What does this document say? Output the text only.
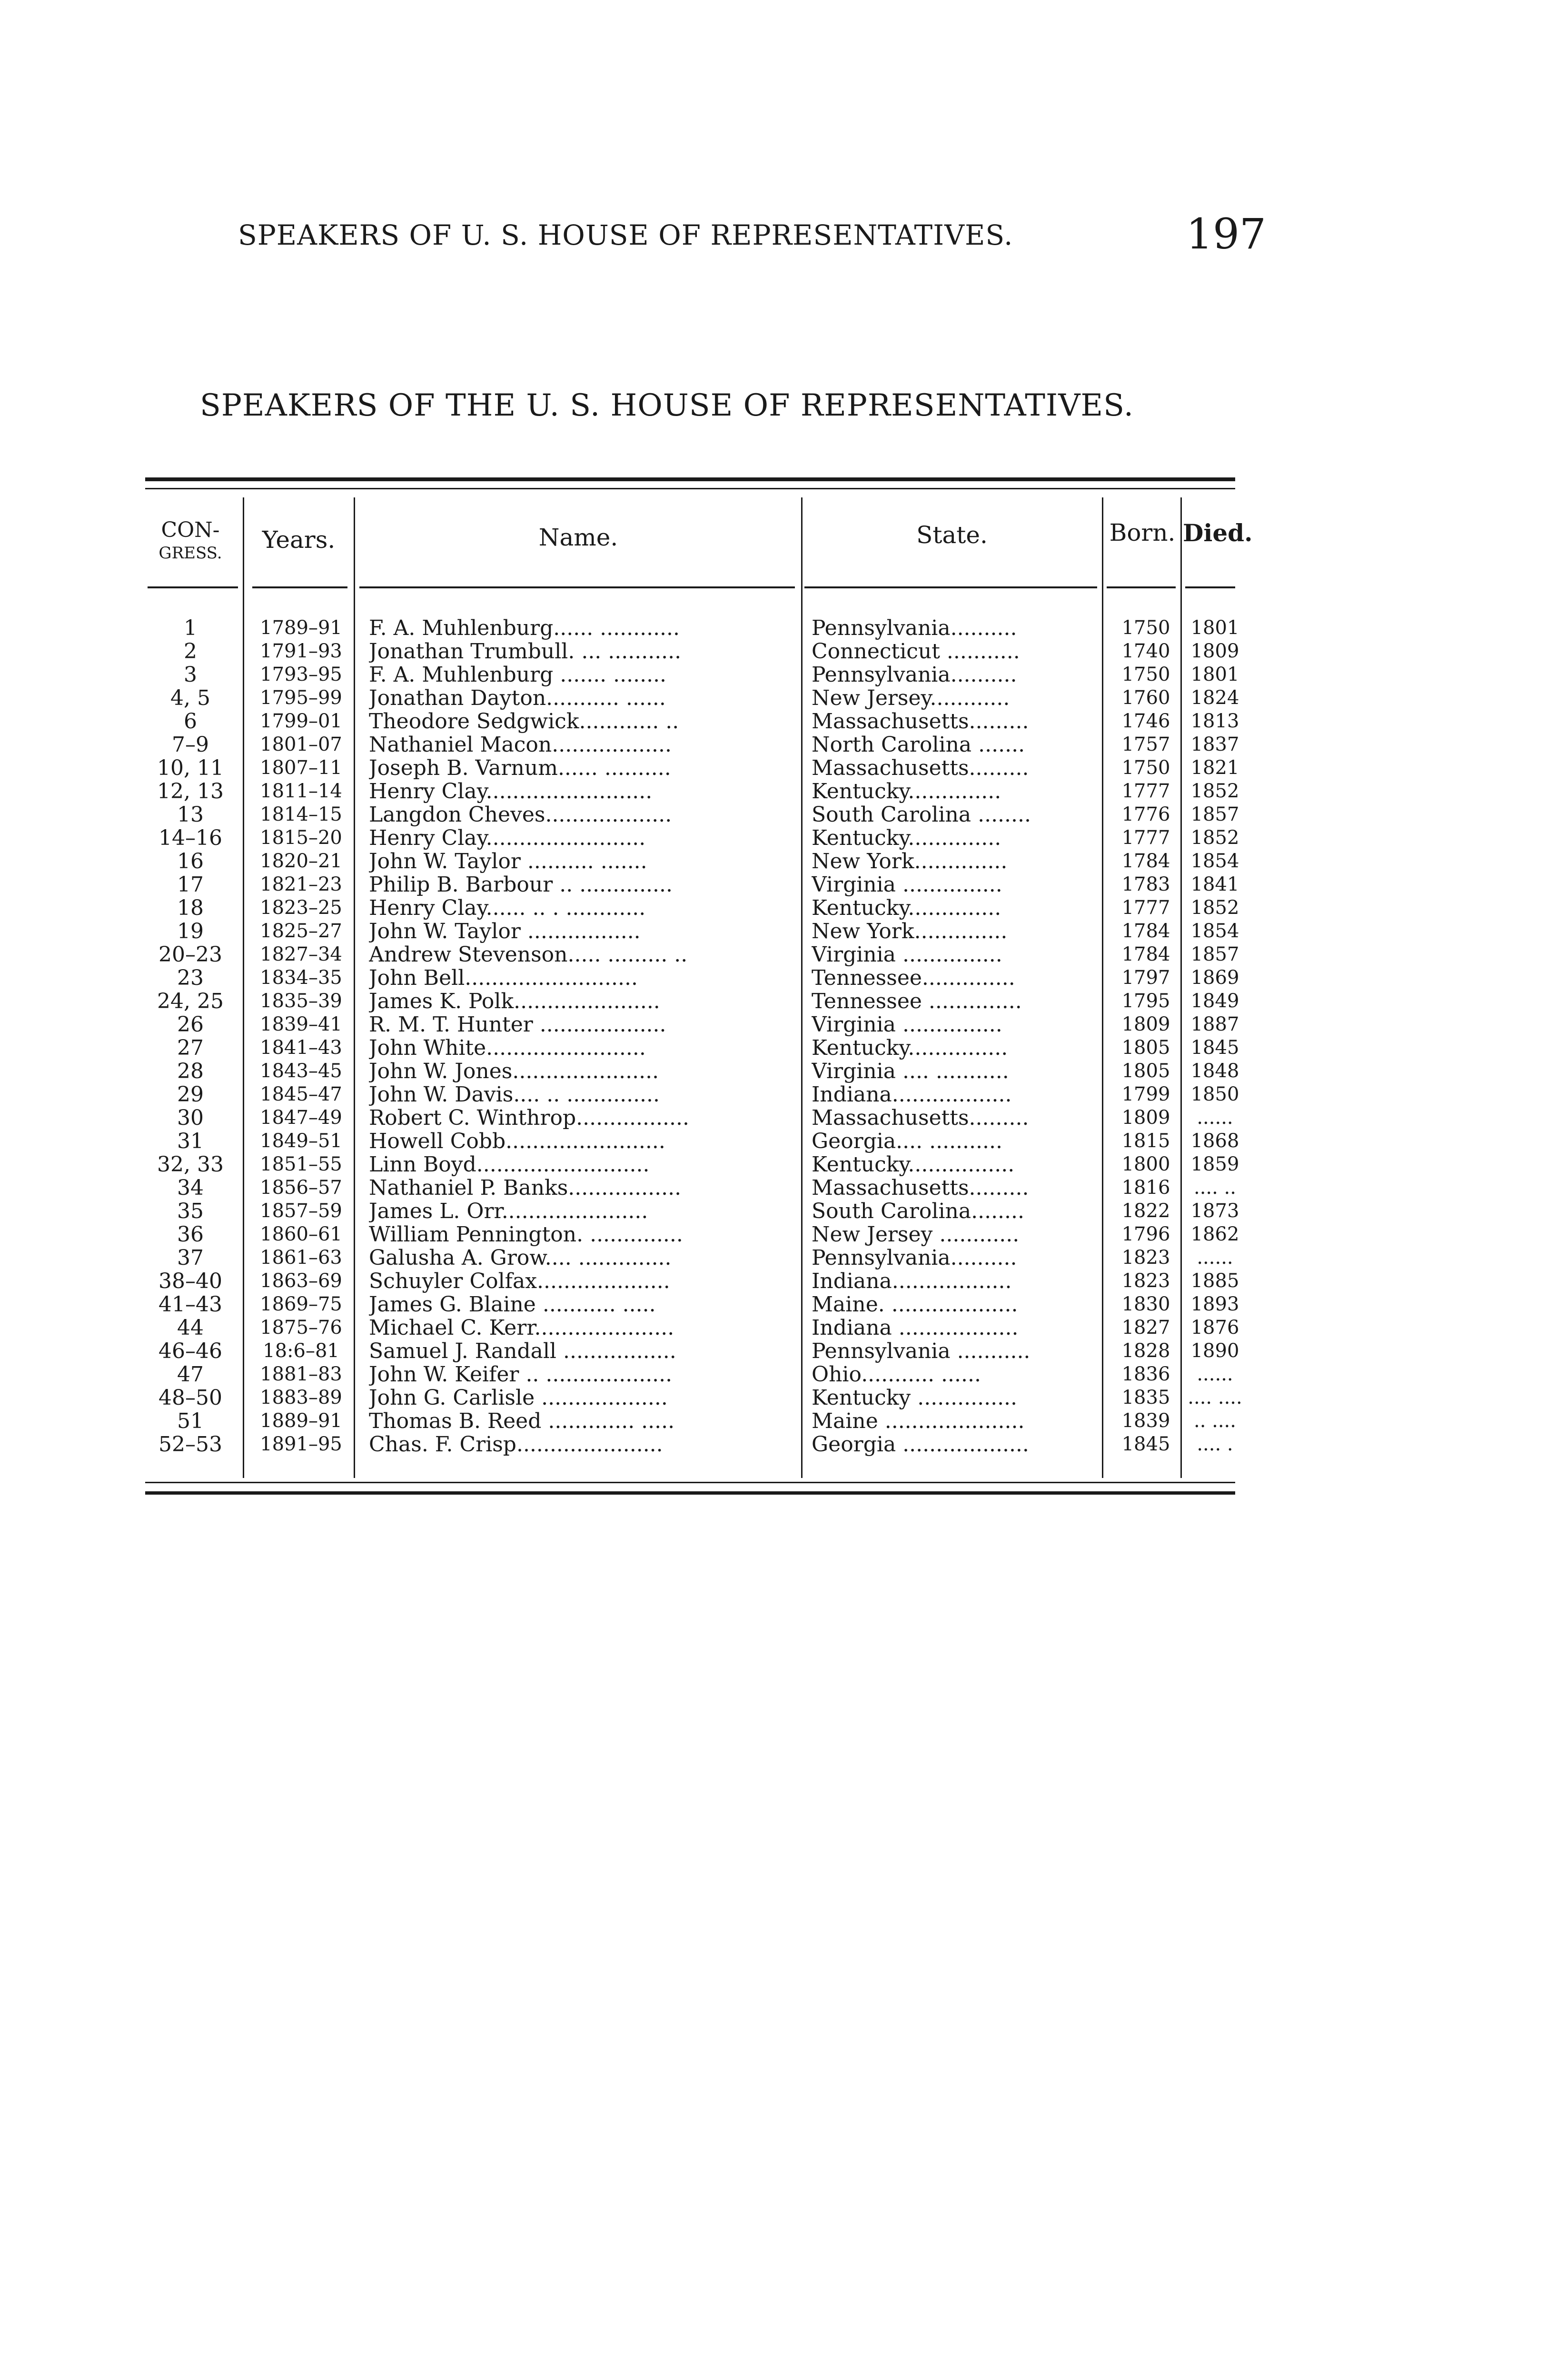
SPEAKERS OF U. S. HOUSE OF REPRESENTATIVES.	197
SPEAKERS OF THE U. S. HOUSE OF REPRESENTATIVES.
CON-
GRESS.	Years.	Name.	State.	Born. Died.
1	1789–91	F. A. Muhlenburg...... ............	Pennsylvania..........	1750	1801
2	1791–93	Jonathan Trumbull. ... ...........	Connecticut ...........	1740	1809
3	1793–95	F. A. Muhlenburg ....... ........	Pennsylvania..........	1750	1801
4, 5	1795–99	Jonathan Dayton........... ......	New Jersey............	1760	1824
6	1799–01	Theodore Sedgwick............ ..	Massachusetts.........	1746	1813
7–9	1801–07	Nathaniel Macon..................	North Carolina .......	1757	1837
10, 11	1807–11	Joseph B. Varnum...... ..........	Massachusetts.........	1750	1821
12, 13	1811–14	Henry Clay.........................	Kentucky..............	1777	1852
13	1814–15	Langdon Cheves...................	South Carolina ........	1776	1857
14–16	1815–20	Henry Clay........................	Kentucky..............	1777	1852
16	1820–21	John W. Taylor .......... .......	New York..............	1784	1854
17	1821–23	Philip B. Barbour .. ..............	Virginia ...............	1783	1841
18	1823–25	Henry Clay...... .. . ............	Kentucky..............	1777	1852
19	1825–27	John W. Taylor .................	New York..............	1784	1854
20–23	1827–34	Andrew Stevenson..... ......... ..	Virginia ...............	1784	1857
23	1834–35	John Bell..........................	Tennessee..............	1797	1869
24, 25	1835–39	James K. Polk......................	Tennessee ..............	1795	1849
26	1839–41	R. M. T. Hunter ...................	Virginia ...............	1809	1887
27	1841–43	John White........................	Kentucky...............	1805	1845
28	1843–45	John W. Jones......................	Virginia .... ...........	1805	1848
29	1845–47	John W. Davis.... .. ..............	Indiana..................	1799	1850
30	1847–49	Robert C. Winthrop.................	Massachusetts.........	1809	......
31	1849–51	Howell Cobb........................	Georgia.... ...........	1815	1868
32, 33	1851–55	Linn Boyd..........................	Kentucky................	1800	1859
34	1856–57	Nathaniel P. Banks.................	Massachusetts.........	1816	.... ..
35	1857–59	James L. Orr......................	South Carolina........	1822	1873
36	1860–61	William Pennington. ..............	New Jersey ............	1796	1862
37	1861–63	Galusha A. Grow.... ..............	Pennsylvania..........	1823	......
38–40	1863–69	Schuyler Colfax....................	Indiana..................	1823	1885
41–43	1869–75	James G. Blaine ........... .....	Maine. ...................	1830	1893
44	1875–76	Michael C. Kerr.....................	Indiana ..................	1827	1876
46–46	18:6–81	Samuel J. Randall .................	Pennsylvania ...........	1828	1890
47	1881–83	John W. Keifer .. ...................	Ohio........... ......	1836	......
48–50	1883–89	John G. Carlisle ...................	Kentucky ...............	1835 .... ....
51	1889–91	Thomas B. Reed ............. .....	Maine .....................	1839	.. ....
52–53	1891–95	Chas. F. Crisp......................	Georgia ...................	1845	.... .
